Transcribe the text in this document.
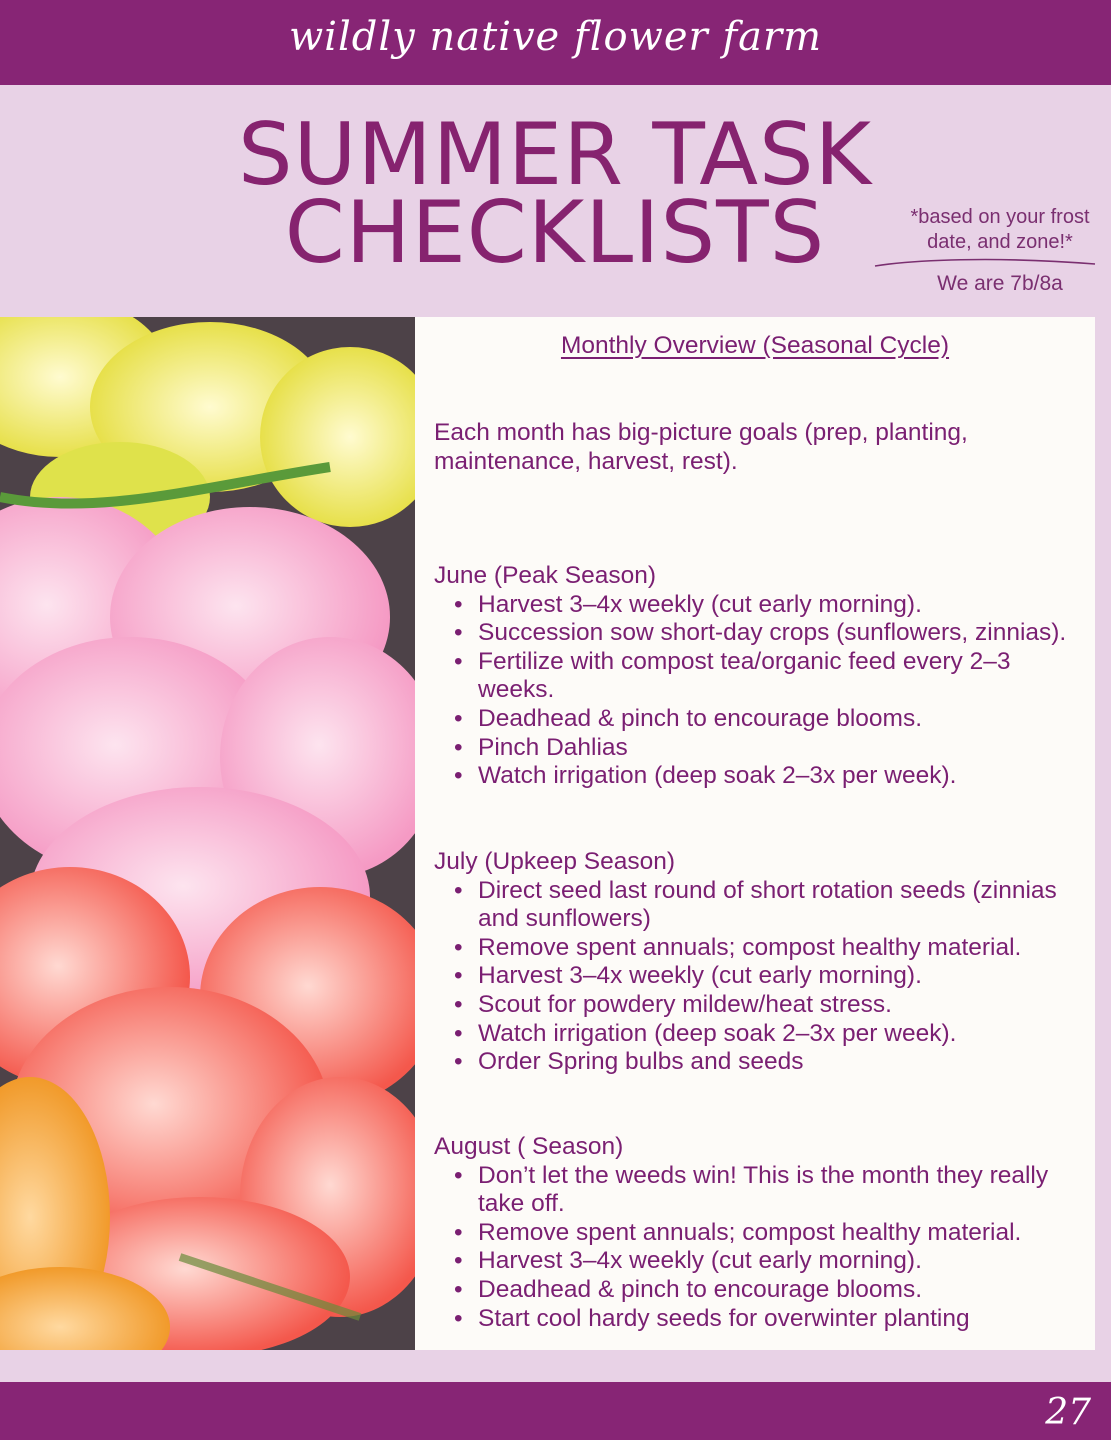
wildly native flower farm
SUMMER TASK
CHECKLISTS	*based on your frost
date, and zone!*
We are 7b/8a
Monthly Overview (Seasonal Cycle)
Each month has big-picture goals (prep, planting, maintenance, harvest, rest).
June (Peak Season)
• Harvest 3–4x weekly (cut early morning).
• Succession sow short-day crops (sunflowers, zinnias).
• Fertilize with compost tea/organic feed every 2–3 weeks.
• Deadhead & pinch to encourage blooms.
• Pinch Dahlias
• Watch irrigation (deep soak 2–3x per week).
July (Upkeep Season)
• Direct seed last round of short rotation seeds (zinnias and sunflowers)
• Remove spent annuals; compost healthy material.
• Harvest 3–4x weekly (cut early morning).
• Scout for powdery mildew/heat stress.
• Watch irrigation (deep soak 2–3x per week).
• Order Spring bulbs and seeds
August ( Season)
• Don’t let the weeds win! This is the month they really take off.
• Remove spent annuals; compost healthy material.
• Harvest 3–4x weekly (cut early morning).
• Deadhead & pinch to encourage blooms.
• Start cool hardy seeds for overwinter planting
27
